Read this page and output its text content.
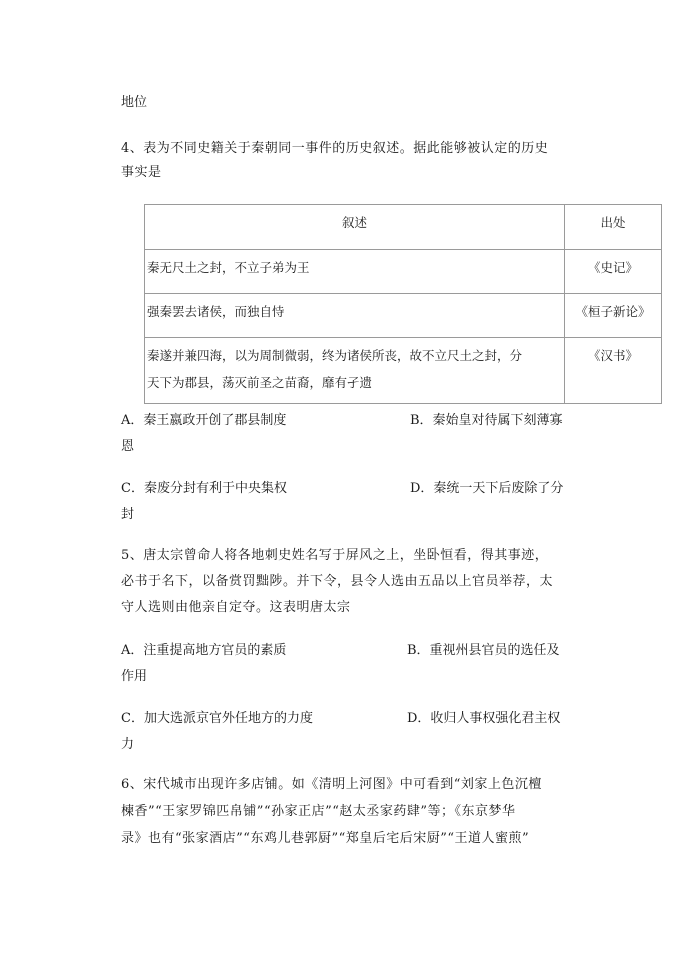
地位
4、表为不同史籍关于秦朝同一事件的历史叙述。据此能够被认定的历史
事实是
叙述	出处
秦无尺土之封，不立子弟为王	《史记》
强秦罢去诸侯，而独自恃	《桓子新论》

秦遂并兼四海，以为周制微弱，终为诸侯所丧，故不立尺土之封，分
天下为郡县，荡灭前圣之苗裔，靡有孑遗	《汉书》
A．秦王嬴政开创了郡县制度	B．秦始皇对待属下刻薄寡
恩
C．秦废分封有利于中央集权	D．秦统一天下后废除了分
封
5、唐太宗曾命人将各地刺史姓名写于屏风之上，坐卧恒看，得其事迹，
必书于名下，以备赏罚黜陟。并下令，县令人选由五品以上官员举荐，太
守人选则由他亲自定夺。这表明唐太宗
A．注重提高地方官员的素质	B．重视州县官员的选任及
作用
C．加大选派京官外任地方的力度	D．收归人事权强化君主权
力
6、宋代城市出现许多店铺。如《清明上河图》中可看到“刘家上色沉檀
楝香”“王家罗锦匹帛铺”“孙家正店”“赵太丞家药肆”等；《东京梦华
录》也有“张家酒店”“东鸡儿巷郭厨”“郑皇后宅后宋厨”“王道人蜜煎”
